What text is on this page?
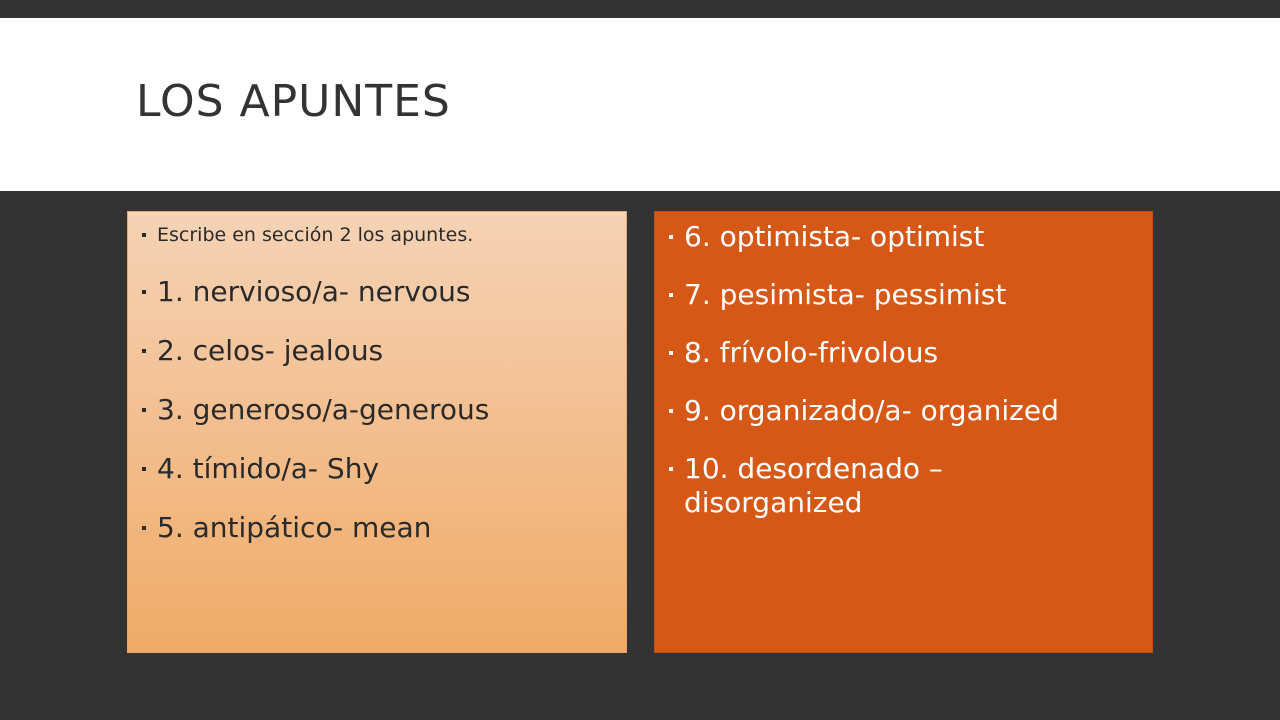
LOS APUNTES
Escribe en sección 2 los apuntes.
1. nervioso/a- nervous
2. celos- jealous
3. generoso/a-generous
4. tímido/a- Shy
5. antipático- mean
6. optimista- optimist
7. pesimista- pessimist
8. frívolo-frivolous
9. organizado/a- organized
10. desordenado – disorganized
